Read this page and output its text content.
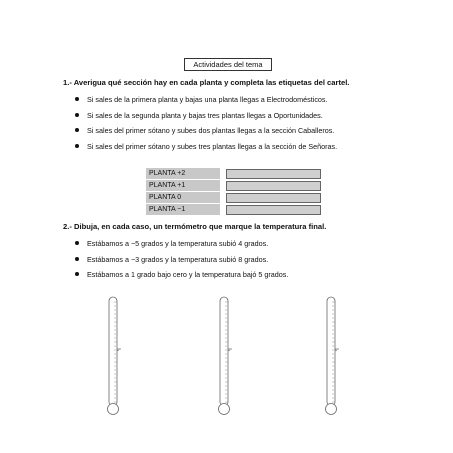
Actividades del tema
1.- Averigua qué sección hay en cada planta y completa las etiquetas del cartel.
Si sales de la primera planta y bajas una planta llegas a Electrodomésticos.
Si sales de la segunda planta y bajas tres plantas llegas a Oportunidades.
Si sales del primer sótano y subes dos plantas llegas a la sección Caballeros.
Si sales del primer sótano y subes tres plantas llegas a la sección de Señoras.
PLANTA +2
PLANTA +1
PLANTA 0
PLANTA −1
2.- Dibuja, en cada caso, un termómetro que marque la temperatura final.
Estábamos a −5 grados y la temperatura subió 4 grados.
Estábamos a −3 grados y la temperatura subió 8 grados.
Estábamos a 1 grado bajo cero y la temperatura bajó 5 grados.
0º	0º	0º
